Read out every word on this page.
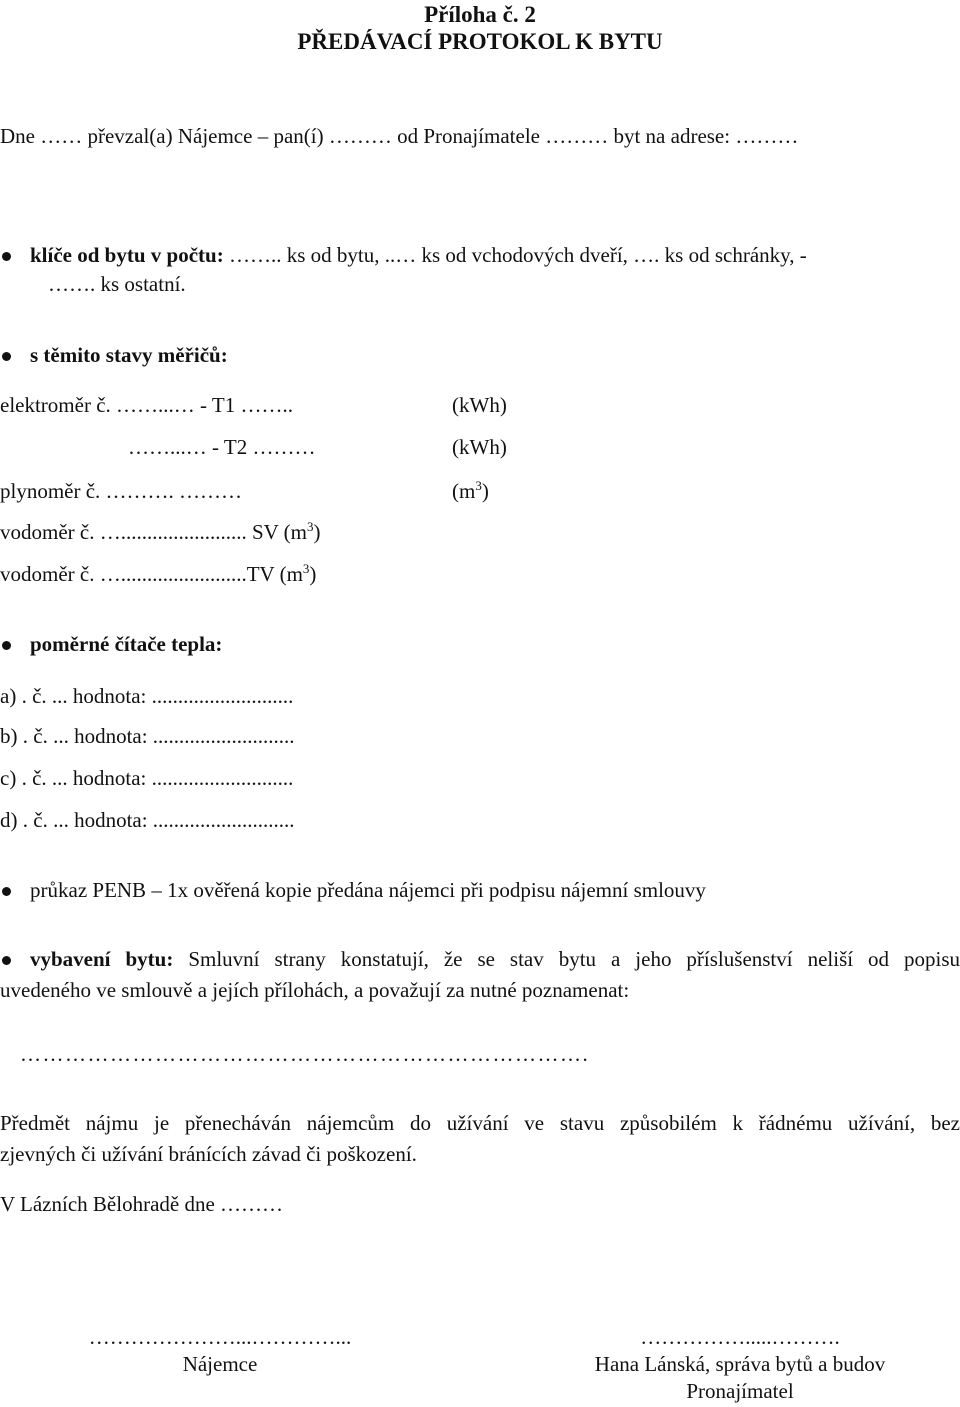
Příloha č. 2
PŘEDÁVACÍ PROTOKOL K BYTU
Dne …… převzal(a) Nájemce – pan(í) ……… od Pronajímatele ……… byt na adrese: ………
klíče od bytu v počtu: …….. ks od bytu, ..… ks od vchodových dveří, …. ks od schránky, -
……. ks ostatní.
s těmito stavy měřičů:
elektroměr č. ……...… - T1 ……..	(kWh)
……...… - T2 ………	(kWh)
plynoměr č. ………. ………	$(m^3)$
vodoměr č. …........................ SV $(m^3)$
vodoměr č. …........................TV $(m^3)$
poměrné čítače tepla:
a) . č. ... hodnota: ...........................
b) . č. ... hodnota: ...........................
c) . č. ... hodnota: ...........................
d) . č. ... hodnota: ...........................
průkaz PENB – 1x ověřená kopie předána nájemci při podpisu nájemní smlouvy
vybavení bytu: Smluvní strany konstatují, že se stav bytu a jeho příslušenství neliší od popisu
uvedeného ve smlouvě a jejích přílohách, a považují za nutné poznamenat:
………………………………………………………………….
Předmět nájmu je přenecháván nájemcům do užívání ve stavu způsobilém k řádnému užívání, bez
zjevných či užívání bránících závad či poškození.
V Lázních Bělohradě dne ………
…………………...…………...
Nájemce
…………….....……….
Hana Lánská, správa bytů a budov
Pronajímatel
